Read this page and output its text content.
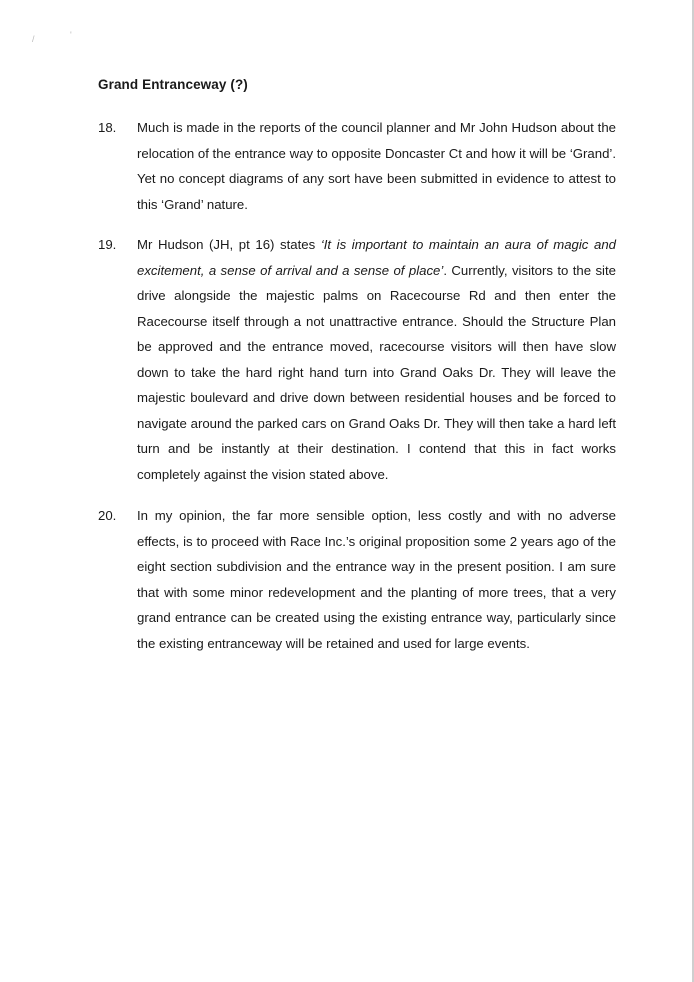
/	'
Grand Entranceway (?)
18.	Much is made in the reports of the council planner and Mr John Hudson about the relocation of the entrance way to opposite Doncaster Ct and how it will be ‘Grand’. Yet no concept diagrams of any sort have been submitted in evidence to attest to this ‘Grand’ nature.
19.	Mr Hudson (JH, pt 16) states ‘It is important to maintain an aura of magic and excitement, a sense of arrival and a sense of place’. Currently, visitors to the site drive alongside the majestic palms on Racecourse Rd and then enter the Racecourse itself through a not unattractive entrance. Should the Structure Plan be approved and the entrance moved, racecourse visitors will then have slow down to take the hard right hand turn into Grand Oaks Dr. They will leave the majestic boulevard and drive down between residential houses and be forced to navigate around the parked cars on Grand Oaks Dr. They will then take a hard left turn and be instantly at their destination. I contend that this in fact works completely against the vision stated above.
20.	In my opinion, the far more sensible option, less costly and with no adverse effects, is to proceed with Race Inc.’s original proposition some 2 years ago of the eight section subdivision and the entrance way in the present position. I am sure that with some minor redevelopment and the planting of more trees, that a very grand entrance can be created using the existing entrance way, particularly since the existing entranceway will be retained and used for large events.
